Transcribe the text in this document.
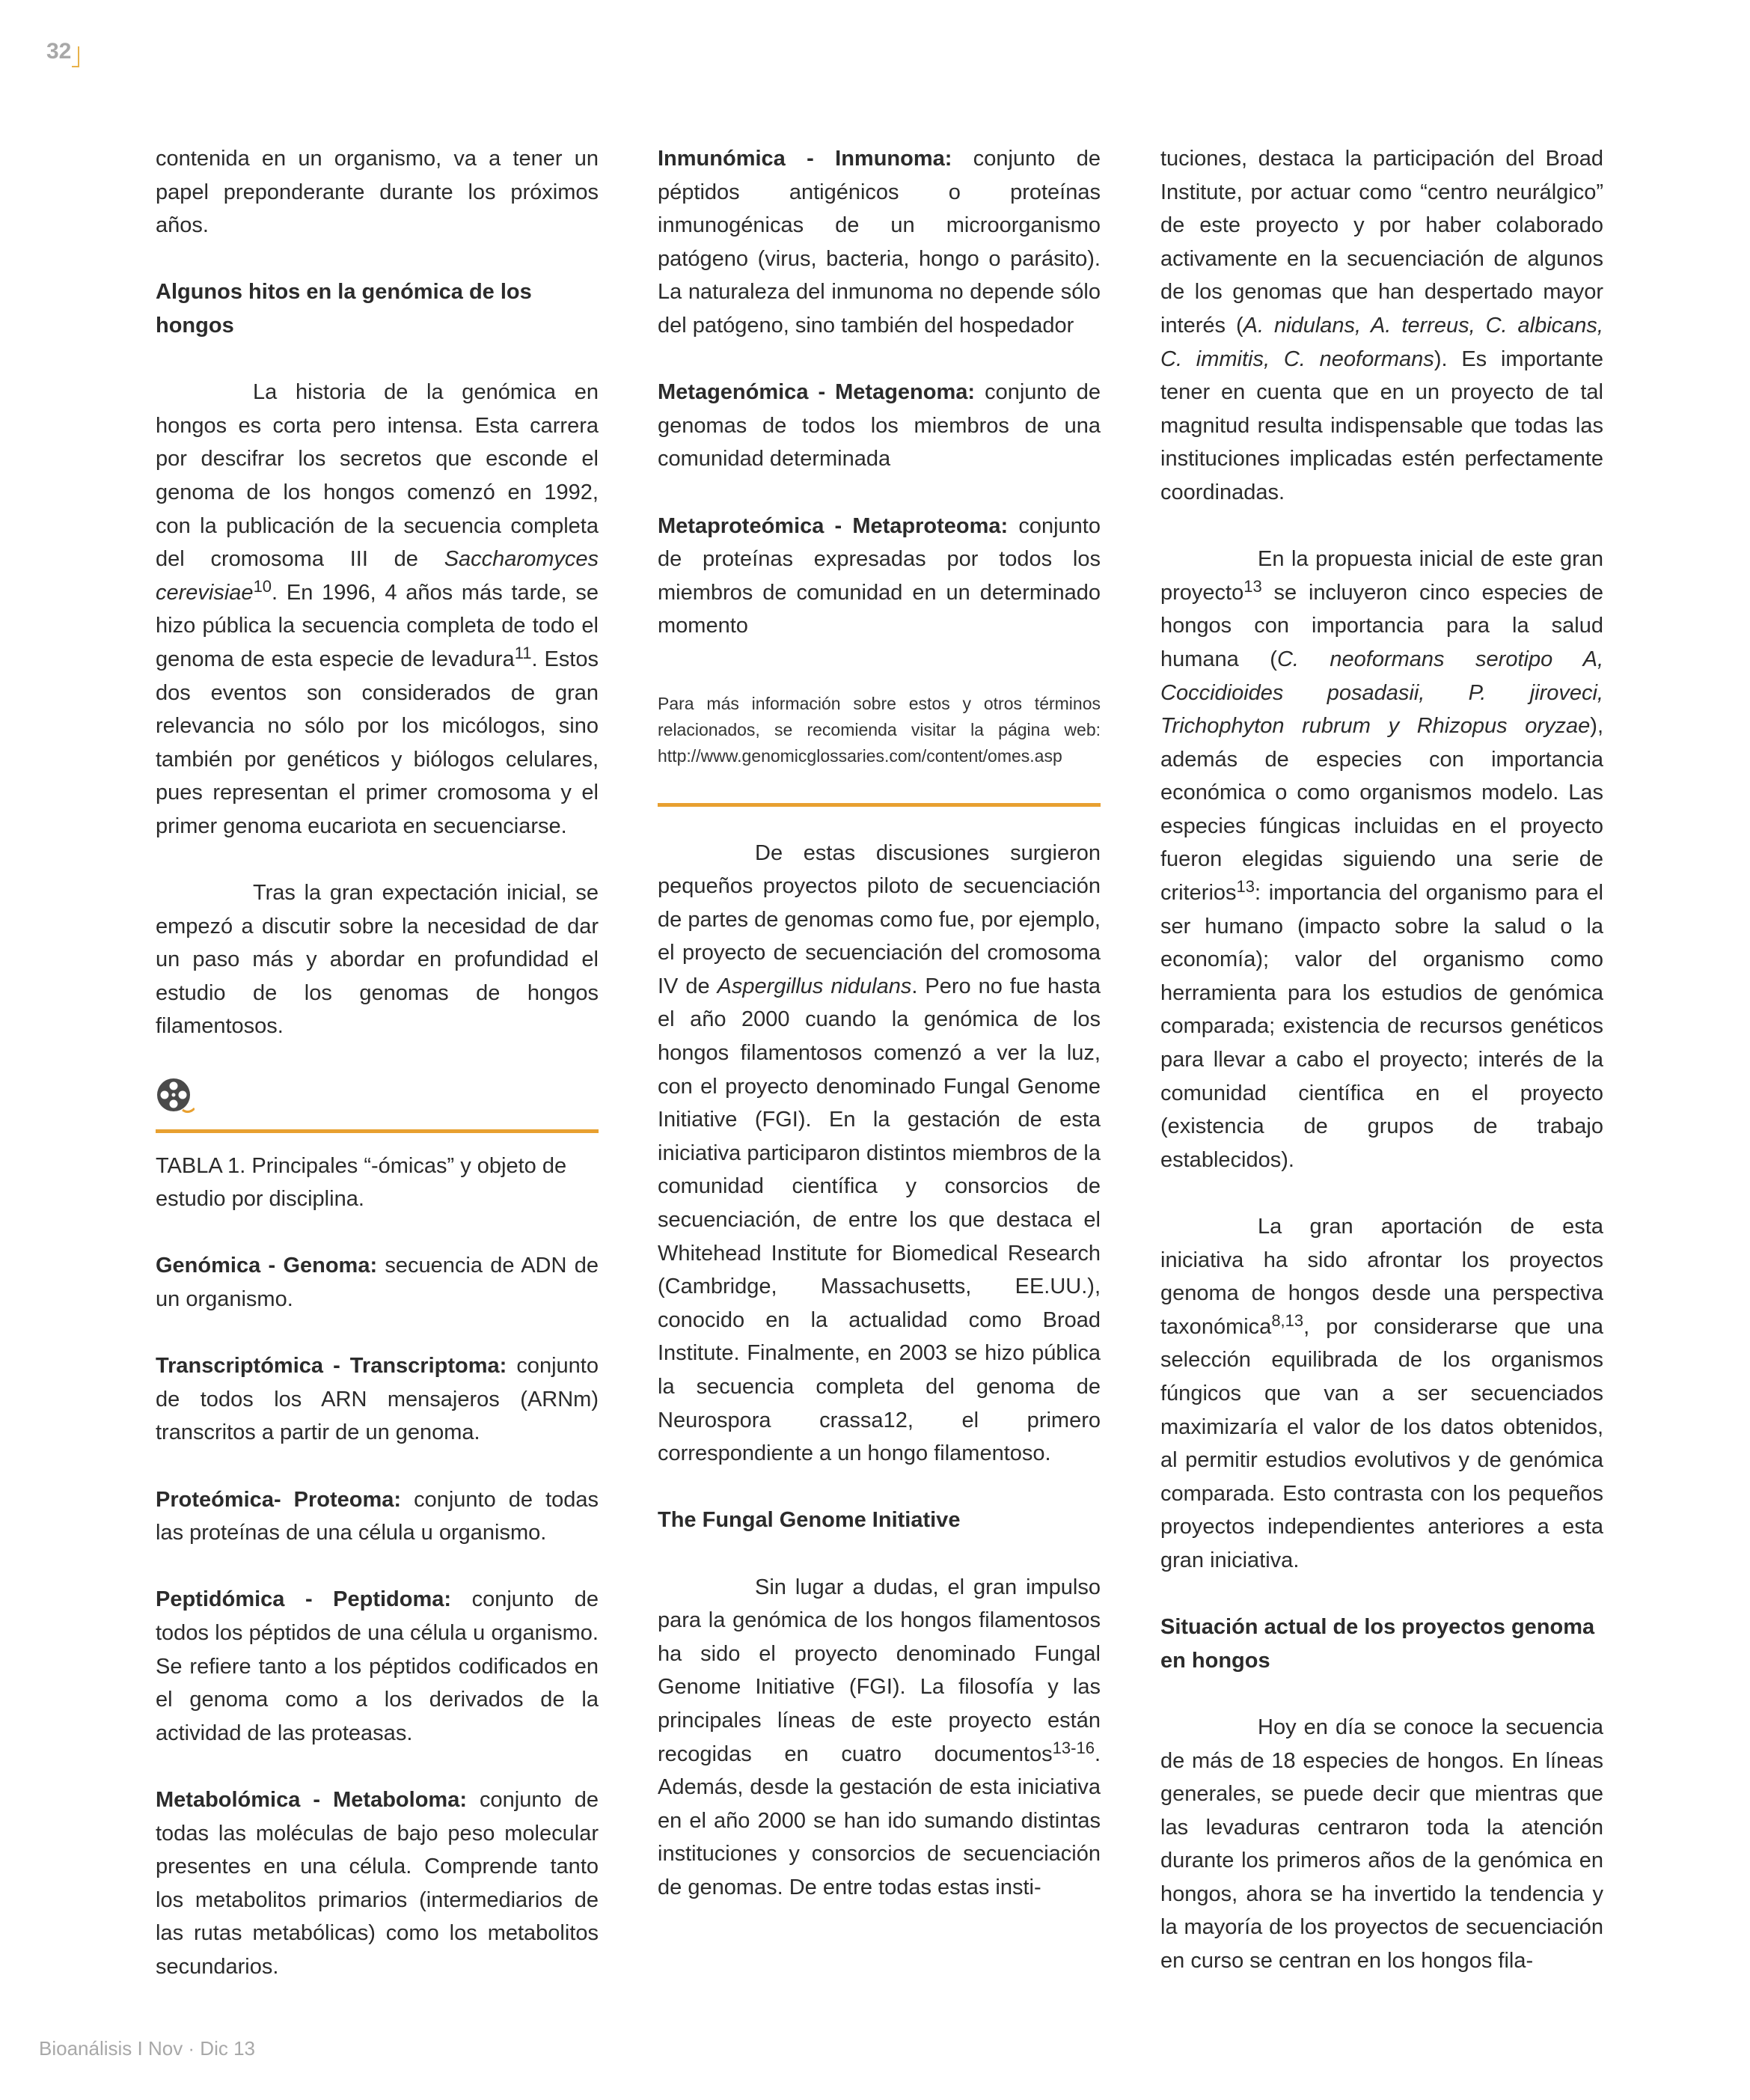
32

contenida en un organismo, va a tener un papel preponderante durante los próximos años.

Algunos hitos en la genómica de los hongos

La historia de la genómica en hongos es corta pero intensa. Esta carrera por descifrar los secretos que esconde el genoma de los hongos comenzó en 1992, con la publicación de la secuencia completa del cromosoma III de Saccharomyces cerevisiae$^{10}$. En 1996, 4 años más tarde, se hizo pública la secuencia completa de todo el genoma de esta especie de levadura$^{11}$. Estos dos eventos son considerados de gran relevancia no sólo por los micólogos, sino también por genéticos y biólogos celulares, pues representan el primer cromosoma y el primer genoma eucariota en secuenciarse.

Tras la gran expectación inicial, se empezó a discutir sobre la necesidad de dar un paso más y abordar en profundidad el estudio de los genomas de hongos filamentosos.

TABLA 1. Principales “-ómicas” y objeto de estudio por disciplina.

Genómica - Genoma: secuencia de ADN de un organismo.

Transcriptómica - Transcriptoma: conjunto de todos los ARN mensajeros (ARNm) transcritos a partir de un genoma.

Proteómica- Proteoma: conjunto de todas las proteínas de una célula u organismo.

Peptidómica - Peptidoma: conjunto de todos los péptidos de una célula u organismo. Se refiere tanto a los péptidos codificados en el genoma como a los derivados de la actividad de las proteasas.

Metabolómica - Metaboloma: conjunto de todas las moléculas de bajo peso molecular presentes en una célula. Comprende tanto los metabolitos primarios (intermediarios de las rutas metabólicas) como los metabolitos secundarios.

Inmunómica - Inmunoma: conjunto de péptidos antigénicos o proteínas inmunogénicas de un microorganismo patógeno (virus, bacteria, hongo o parásito). La naturaleza del inmunoma no depende sólo del patógeno, sino también del hospedador

Metagenómica - Metagenoma: conjunto de genomas de todos los miembros de una comunidad determinada

Metaproteómica - Metaproteoma: conjunto de proteínas expresadas por todos los miembros de comunidad en un determinado momento

Para más información sobre estos y otros términos relacionados, se recomienda visitar la página web: http://www.genomicglossaries.com/content/omes.asp

De estas discusiones surgieron pequeños proyectos piloto de secuenciación de partes de genomas como fue, por ejemplo, el proyecto de secuenciación del cromosoma IV de Aspergillus nidulans. Pero no fue hasta el año 2000 cuando la genómica de los hongos filamentosos comenzó a ver la luz, con el proyecto denominado Fungal Genome Initiative (FGI). En la gestación de esta iniciativa participaron distintos miembros de la comunidad científica y consorcios de secuenciación, de entre los que destaca el Whitehead Institute for Biomedical Research (Cambridge, Massachusetts, EE.UU.), conocido en la actualidad como Broad Institute. Finalmente, en 2003 se hizo pública la secuencia completa del genoma de Neurospora crassa12, el primero correspondiente a un hongo filamentoso.

The Fungal Genome Initiative

Sin lugar a dudas, el gran impulso para la genómica de los hongos filamentosos ha sido el proyecto denominado Fungal Genome Initiative (FGI). La filosofía y las principales líneas de este proyecto están recogidas en cuatro documentos$^{13-16}$. Además, desde la gestación de esta iniciativa en el año 2000 se han ido sumando distintas instituciones y consorcios de secuenciación de genomas. De entre todas estas insti-

tuciones, destaca la participación del Broad Institute, por actuar como “centro neurálgico” de este proyecto y por haber colaborado activamente en la secuenciación de algunos de los genomas que han despertado mayor interés (A. nidulans, A. terreus, C. albicans, C. immitis, C. neoformans). Es importante tener en cuenta que en un proyecto de tal magnitud resulta indispensable que todas las instituciones implicadas estén perfectamente coordinadas.

En la propuesta inicial de este gran proyecto$^{13}$ se incluyeron cinco especies de hongos con importancia para la salud humana (C. neoformans serotipo A, Coccidioides posadasii, P. jiroveci, Trichophyton rubrum y Rhizopus oryzae), además de especies con importancia económica o como organismos modelo. Las especies fúngicas incluidas en el proyecto fueron elegidas siguiendo una serie de criterios$^{13}$: importancia del organismo para el ser humano (impacto sobre la salud o la economía); valor del organismo como herramienta para los estudios de genómica comparada; existencia de recursos genéticos para llevar a cabo el proyecto; interés de la comunidad científica en el proyecto (existencia de grupos de trabajo establecidos).

La gran aportación de esta iniciativa ha sido afrontar los proyectos genoma de hongos desde una perspectiva taxonómica$^{8,13}$, por considerarse que una selección equilibrada de los organismos fúngicos que van a ser secuenciados maximizaría el valor de los datos obtenidos, al permitir estudios evolutivos y de genómica comparada. Esto contrasta con los pequeños proyectos independientes anteriores a esta gran iniciativa.

Situación actual de los proyectos genoma en hongos

Hoy en día se conoce la secuencia de más de 18 especies de hongos. En líneas generales, se puede decir que mientras que las levaduras centraron toda la atención durante los primeros años de la genómica en hongos, ahora se ha invertido la tendencia y la mayoría de los proyectos de secuenciación en curso se centran en los hongos fila-

Bioanálisis I Nov · Dic 13
